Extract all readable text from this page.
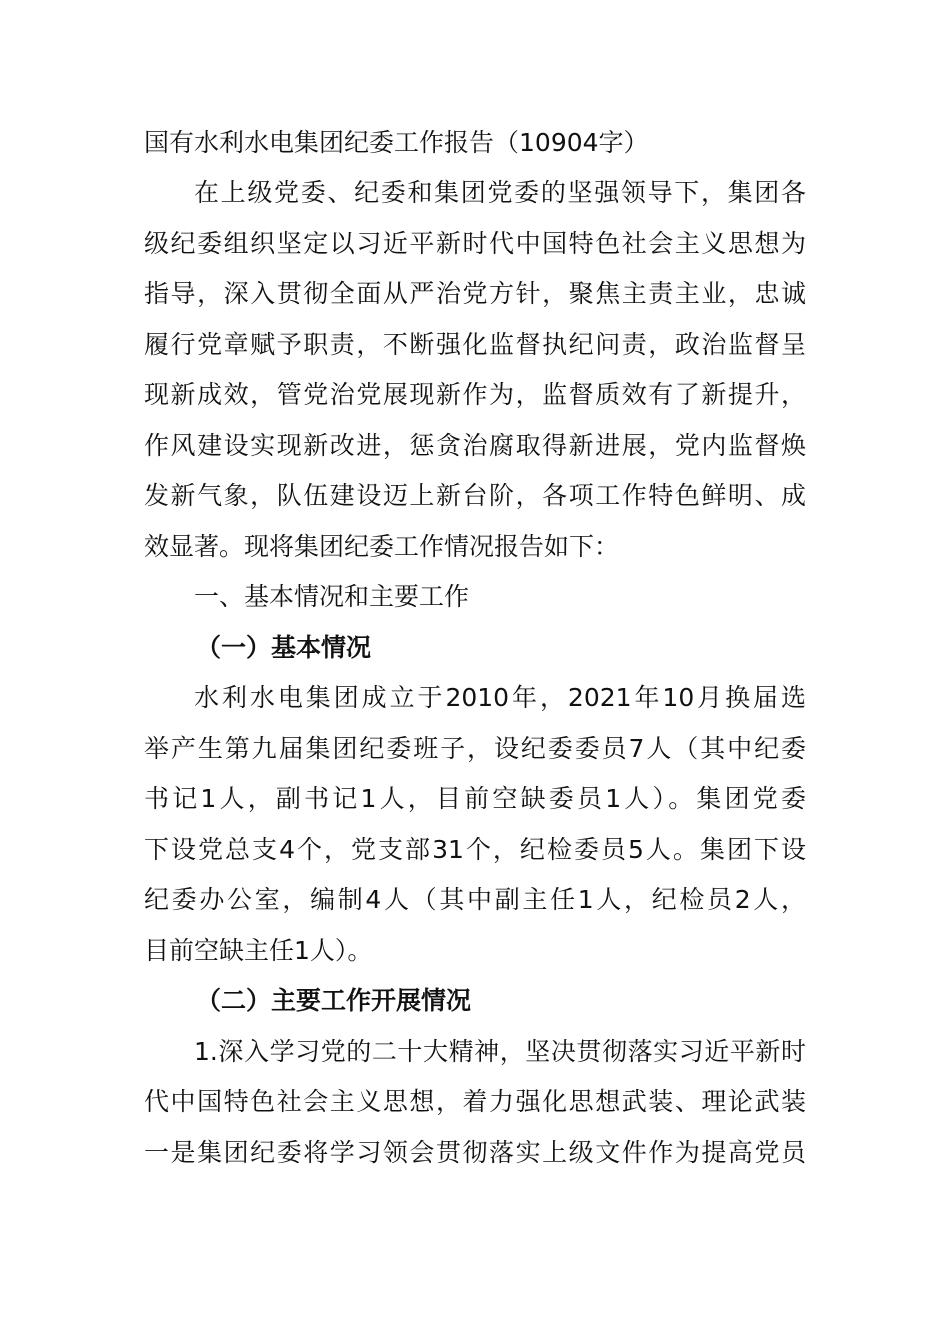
国有水利水电集团纪委工作报告（10904字）
在上级党委、纪委和集团党委的坚强领导下，集团各
级纪委组织坚定以习近平新时代中国特色社会主义思想为
指导，深入贯彻全面从严治党方针，聚焦主责主业，忠诚
履行党章赋予职责，不断强化监督执纪问责，政治监督呈
现新成效，管党治党展现新作为，监督质效有了新提升，
作风建设实现新改进，惩贪治腐取得新进展，党内监督焕
发新气象，队伍建设迈上新台阶，各项工作特色鲜明、成
效显著。现将集团纪委工作情况报告如下：
一、基本情况和主要工作
（一）基本情况
水利水电集团成立于2010年，2021年10月换届选
举产生第九届集团纪委班子，设纪委委员7人（其中纪委
书记1人，副书记1人，目前空缺委员1人）。集团党委
下设党总支4个，党支部31个，纪检委员5人。集团下设
纪委办公室，编制4人（其中副主任1人，纪检员2人，
目前空缺主任1人）。
（二）主要工作开展情况
1.深入学习党的二十大精神，坚决贯彻落实习近平新时
代中国特色社会主义思想，着力强化思想武装、理论武装
一是集团纪委将学习领会贯彻落实上级文件作为提高党员
